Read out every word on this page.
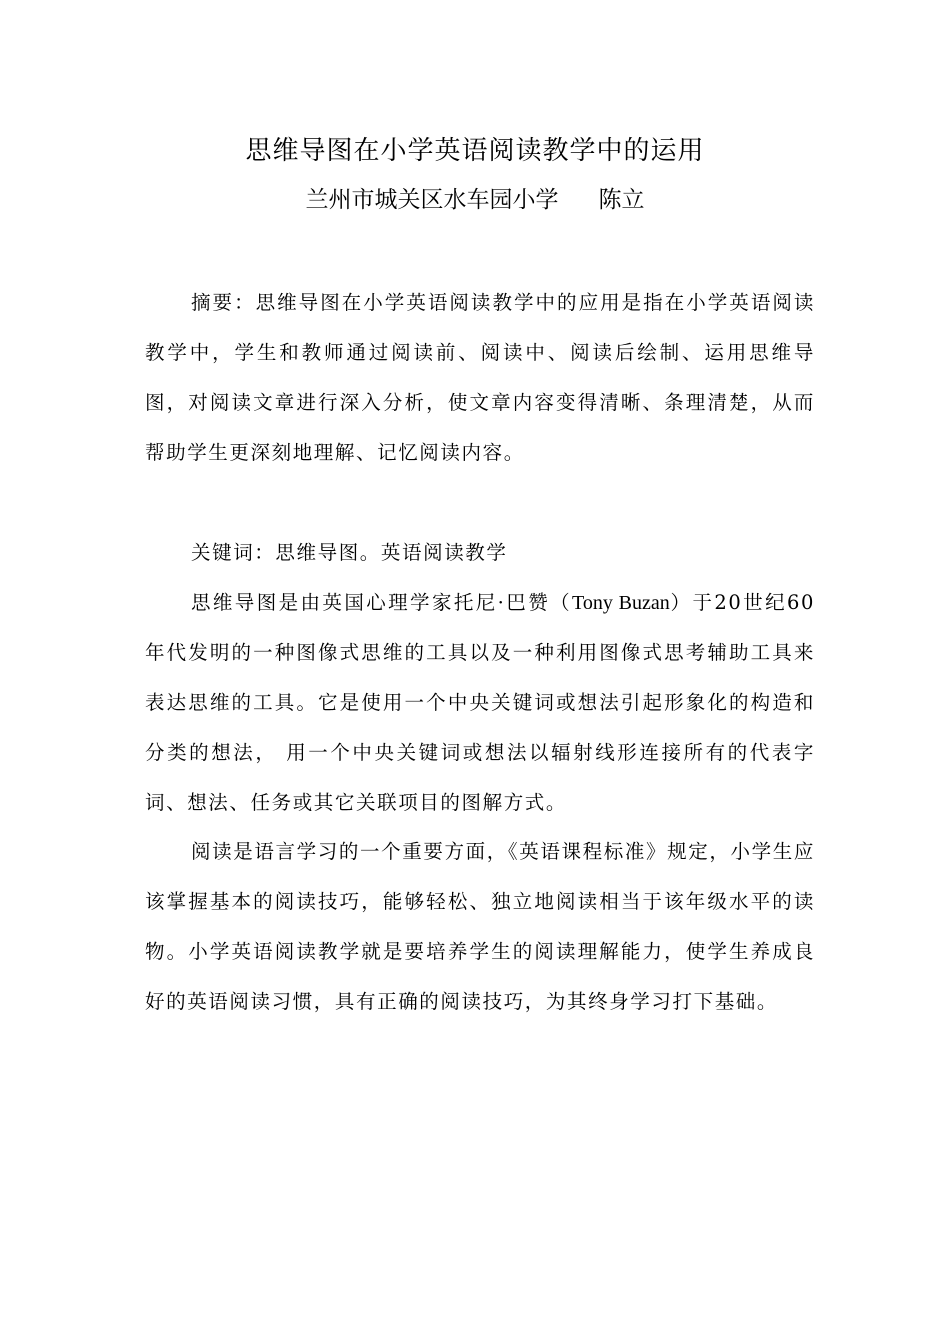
思维导图在小学英语阅读教学中的运用
兰州市城关区水车园小学 陈立

摘要：思维导图在小学英语阅读教学中的应用是指在小学英语阅读教学中，学生和教师通过阅读前、阅读中、阅读后绘制、运用思维导图，对阅读文章进行深入分析，使文章内容变得清晰、条理清楚，从而帮助学生更深刻地理解、记忆阅读内容。

关键词：思维导图。英语阅读教学

思维导图是由英国心理学家托尼·巴赞（Tony Buzan）于20世纪60年代发明的一种图像式思维的工具以及一种利用图像式思考辅助工具来表达思维的工具。它是使用一个中央关键词或想法引起形象化的构造和分类的想法， 用一个中央关键词或想法以辐射线形连接所有的代表字词、想法、任务或其它关联项目的图解方式。

阅读是语言学习的一个重要方面，《英语课程标准》规定，小学生应该掌握基本的阅读技巧，能够轻松、独立地阅读相当于该年级水平的读物。小学英语阅读教学就是要培养学生的阅读理解能力，使学生养成良好的英语阅读习惯，具有正确的阅读技巧，为其终身学习打下基础。
